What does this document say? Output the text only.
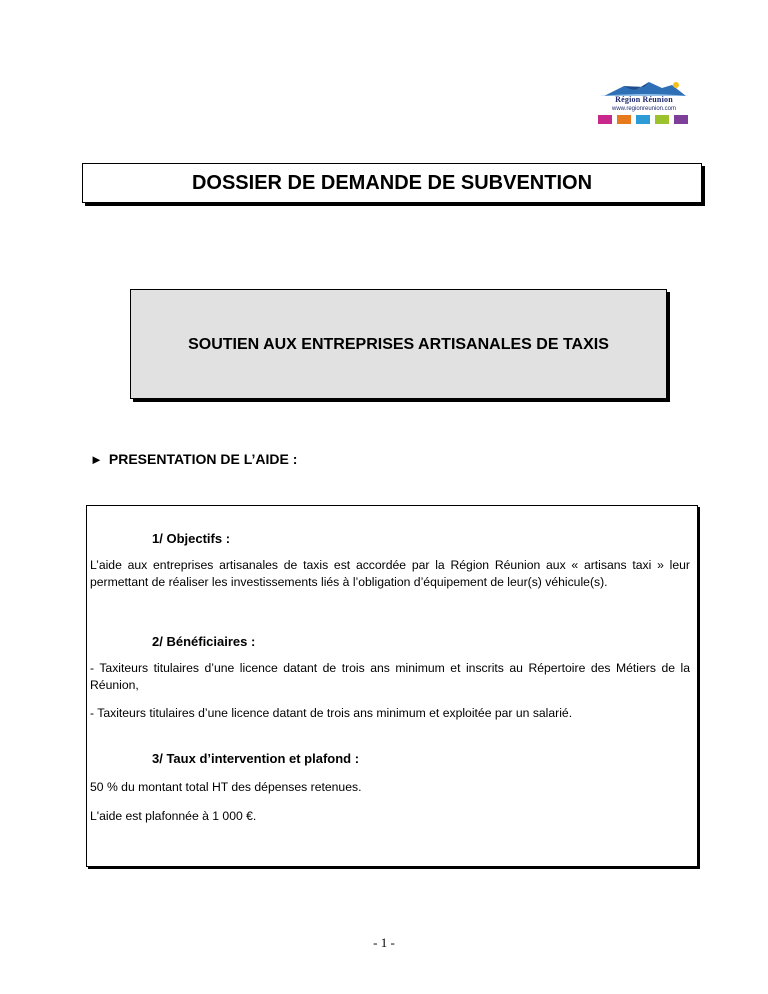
Région Réunion
www.regionreunion.com
DOSSIER DE DEMANDE DE SUBVENTION
SOUTIEN AUX ENTREPRISES ARTISANALES DE TAXIS
► PRESENTATION DE L’AIDE :
1/ Objectifs :

L’aide aux entreprises artisanales de taxis est accordée par la Région Réunion aux « artisans taxi » leur permettant de réaliser les investissements liés à l’obligation d’équipement de leur(s) véhicule(s).

2/ Bénéficiaires :

- Taxiteurs titulaires d’une licence datant de trois ans minimum et inscrits au Répertoire des Métiers de la Réunion,

- Taxiteurs titulaires d’une licence datant de trois ans minimum et exploitée par un salarié.

3/ Taux d’intervention et plafond :

50 % du montant total HT des dépenses retenues.

L'aide est plafonnée à 1 000 €.

- 1 -
